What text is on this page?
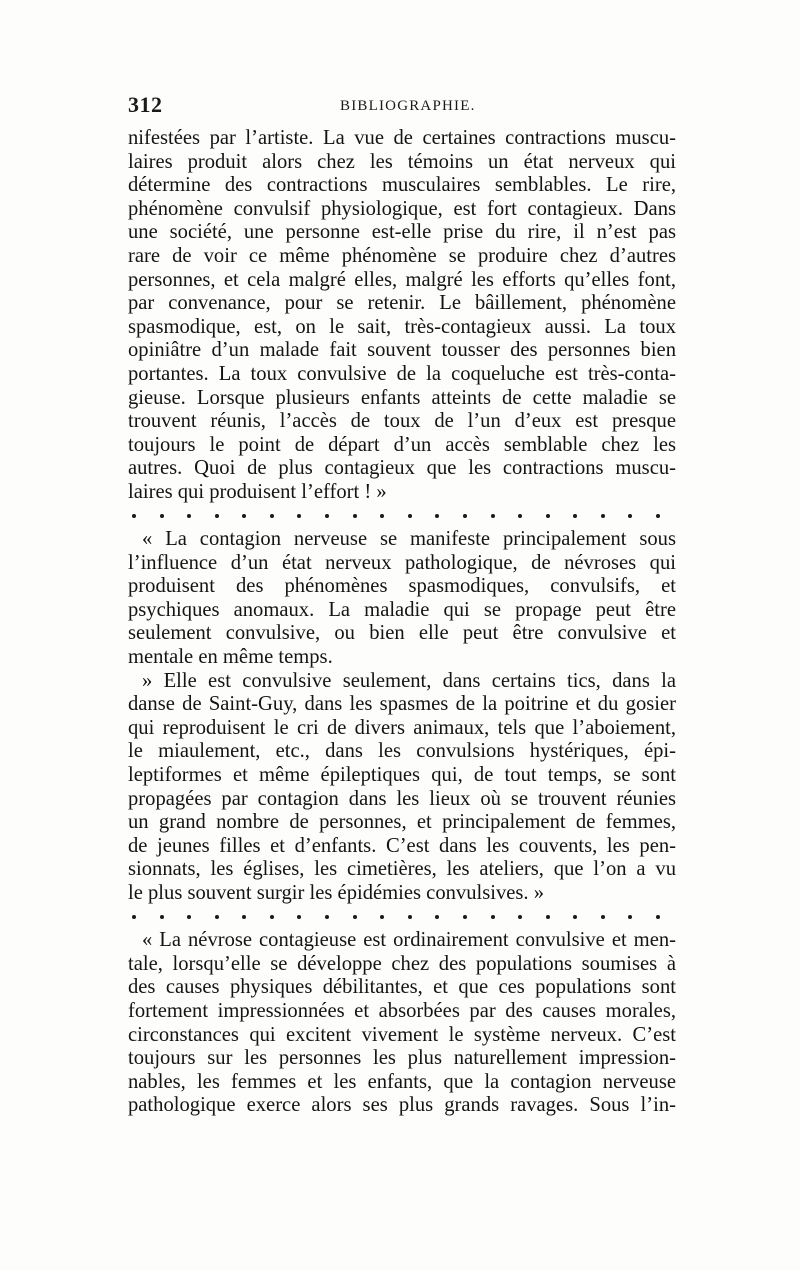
312	BIBLIOGRAPHIE.
nifestées par l’artiste. La vue de certaines contractions muscu-
laires produit alors chez les témoins un état nerveux qui
détermine des contractions musculaires semblables. Le rire,
phénomène convulsif physiologique, est fort contagieux. Dans
une société, une personne est-elle prise du rire, il n’est pas
rare de voir ce même phénomène se produire chez d’autres
personnes, et cela malgré elles, malgré les efforts qu’elles font,
par convenance, pour se retenir. Le bâillement, phénomène
spasmodique, est, on le sait, très-contagieux aussi. La toux
opiniâtre d’un malade fait souvent tousser des personnes bien
portantes. La toux convulsive de la coqueluche est très-conta-
gieuse. Lorsque plusieurs enfants atteints de cette maladie se
trouvent réunis, l’accès de toux de l’un d’eux est presque
toujours le point de départ d’un accès semblable chez les
autres. Quoi de plus contagieux que les contractions muscu-
laires qui produisent l’effort ! »
« La contagion nerveuse se manifeste principalement sous
l’influence d’un état nerveux pathologique, de névroses qui
produisent des phénomènes spasmodiques, convulsifs, et
psychiques anomaux. La maladie qui se propage peut être
seulement convulsive, ou bien elle peut être convulsive et
mentale en même temps.
» Elle est convulsive seulement, dans certains tics, dans la
danse de Saint-Guy, dans les spasmes de la poitrine et du gosier
qui reproduisent le cri de divers animaux, tels que l’aboiement,
le miaulement, etc., dans les convulsions hystériques, épi-
leptiformes et même épileptiques qui, de tout temps, se sont
propagées par contagion dans les lieux où se trouvent réunies
un grand nombre de personnes, et principalement de femmes,
de jeunes filles et d’enfants. C’est dans les couvents, les pen-
sionnats, les églises, les cimetières, les ateliers, que l’on a vu
le plus souvent surgir les épidémies convulsives. »
« La névrose contagieuse est ordinairement convulsive et men-
tale, lorsqu’elle se développe chez des populations soumises à
des causes physiques débilitantes, et que ces populations sont
fortement impressionnées et absorbées par des causes morales,
circonstances qui excitent vivement le système nerveux. C’est
toujours sur les personnes les plus naturellement impression-
nables, les femmes et les enfants, que la contagion nerveuse
pathologique exerce alors ses plus grands ravages. Sous l’in-
